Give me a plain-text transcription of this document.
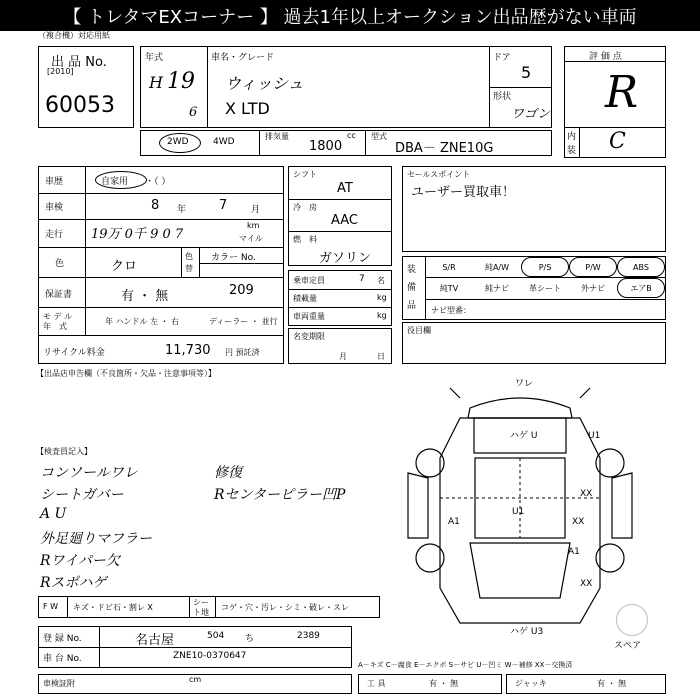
【 トレタマEXコーナー 】 過去1年以上オークション出品歴がない車両
（複合機）対応用紙
出 品 No.
[2010]
60053
年式
H 19
6
車名・グレード
ウィッシュ
X LTD
ドア
5
形状
ワゴン
評 価 点
R
内
装 C
2WD	4WD
排気量	cc
1800
型式
DBA－ ZNE10G
車歴	自家用 ・（ ）
車検	8 年	7	月
走行 19万 0千 9 0 7
km
マイル
色	クロ
色
替
カラー No.
保証書	有 ・ 無	209
モ デ ル
年　式
年 ハンドル 左 ・ 右	ディーラー ・ 並行
リサイクル料金	11,730 円 預託済
シフト
AT
冷　房
AAC
燃　料
ガソリン
乗車定員	7 名
積載量	kg
車両重量	kg
名変期限
月	日
セールスポイント
ユーザー買取車！
装 備 品
S/R	純A/W	P/S	P/W	ABS
純TV	純ナビ	革シート	外ナビ	エアB
ナビ型番：
役目欄
【出品店申告欄（不良箇所・欠品・注意事項等）】
【検査員記入】
コンソールワレ
シートガバー
A U
外足廻りマフラー
Rワイパー欠
Rスポハゲ
修復
Rセンターピラー凹P
ワレ
ハゲ U	U1
XX
XX
A1
U1
A1
XX
ハゲ U3
スペア
F W キズ・ドビ石・割レ X
シー
ト地
コゲ・穴・汚レ・シミ・破レ・スレ
登 録 No.	名古屋	504 ち	2389
車 台 No.	ZNE10-0370647
A－キズ C－腐食 E－エクボ S－サビ U－凹ミ W－補修 XX－交換済
車検証附	cm	工 具	有 ・ 無	ジャッキ	有 ・ 無
